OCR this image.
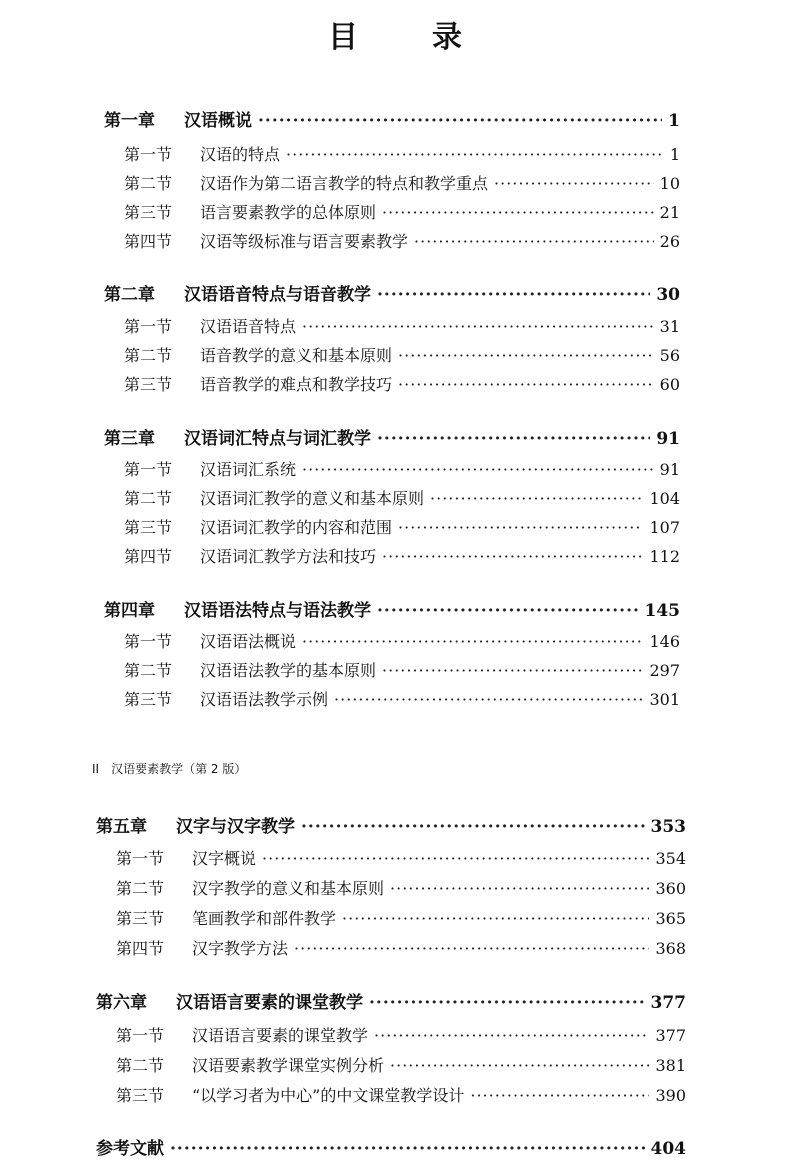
目　录
第一章 汉语概说 ·····	1
第一节 汉语的特点 ·····	1
第二节 汉语作为第二语言教学的特点和教学重点 ·····	10
第三节 语言要素教学的总体原则 ·····	21
第四节 汉语等级标准与语言要素教学 ·····	26
第二章 汉语语音特点与语音教学 ·····	30
第一节 汉语语音特点 ·····	31
第二节 语音教学的意义和基本原则 ·····	56
第三节 语音教学的难点和教学技巧 ·····	60
第三章 汉语词汇特点与词汇教学 ·····	91
第一节 汉语词汇系统 ·····	91
第二节 汉语词汇教学的意义和基本原则 ·····	104
第三节 汉语词汇教学的内容和范围 ·····	107
第四节 汉语词汇教学方法和技巧 ·····	112
第四章 汉语语法特点与语法教学 ·····	145
第一节 汉语语法概说 ·····	146
第二节 汉语语法教学的基本原则 ·····	297
第三节 汉语语法教学示例 ·····	301
II　汉语要素教学（第 2 版）
第五章 汉字与汉字教学 ·····	353
第一节 汉字概说 ·····	354
第二节 汉字教学的意义和基本原则 ·····	360
第三节 笔画教学和部件教学 ·····	365
第四节 汉字教学方法 ·····	368
第六章 汉语语言要素的课堂教学 ·····	377
第一节 汉语语言要素的课堂教学 ·····	377
第二节 汉语要素教学课堂实例分析 ·····	381
第三节 “以学习者为中心”的中文课堂教学设计 ·····	390
参考文献 ·····	404
